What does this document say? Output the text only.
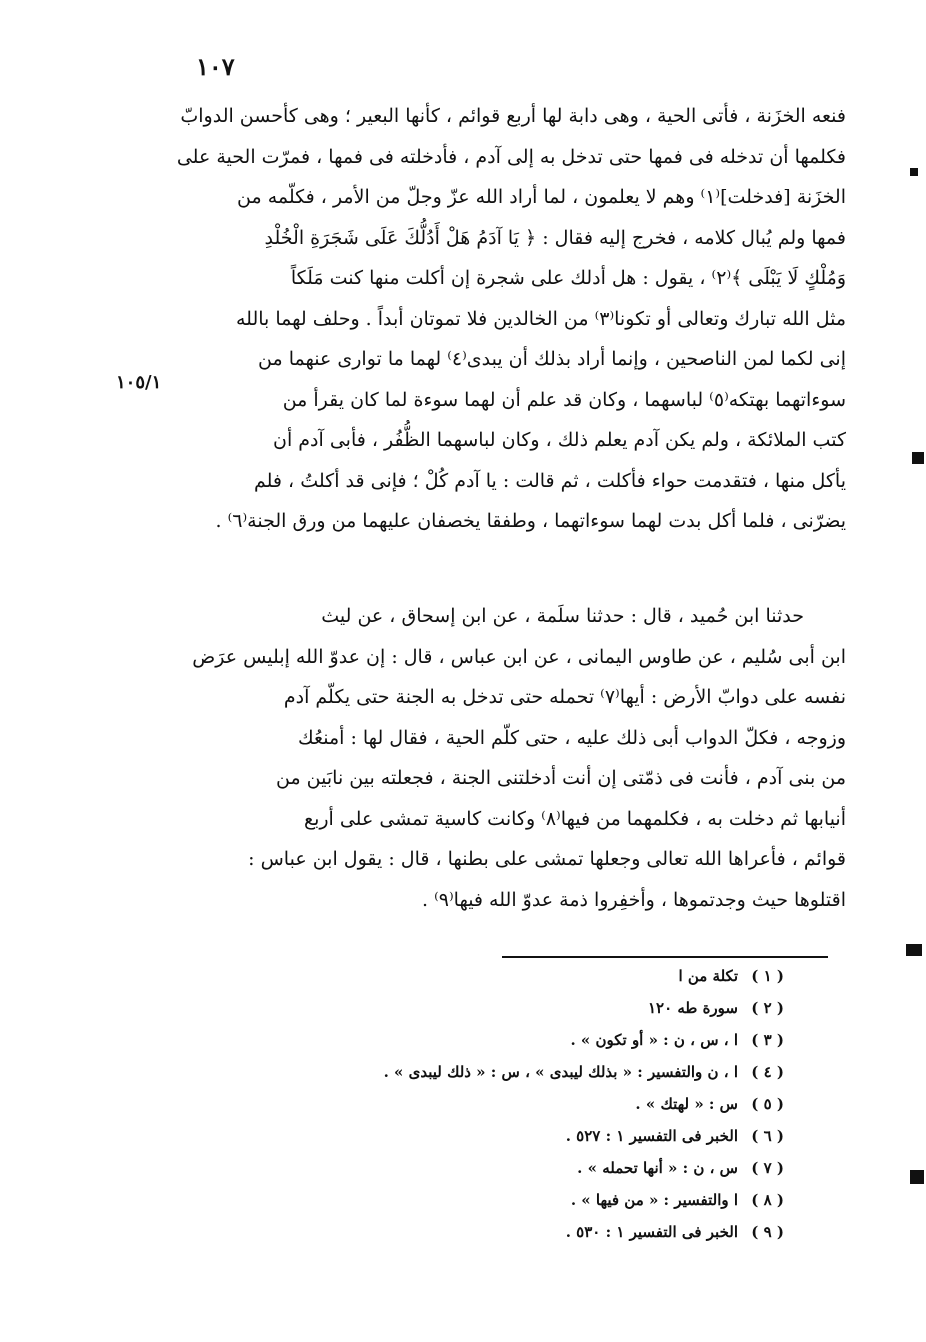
١٠٧
١٠٥/١
فنعه الخزَنة ، فأتى الحية ، وهى دابة لها أربع قوائم ، كأنها البعير ؛ وهى كأحسن الدوابّ
فكلمها أن تدخله فى فمها حتى تدخل به إلى آدم ، فأدخلته فى فمها ، فمرّت الحية على
الخزَنة [فدخلت]⁽١⁾ وهم لا يعلمون ، لما أراد الله عزّ وجلّ من الأمر ، فكلّمه من
فمها ولم يُبال كلامه ، فخرج إليه فقال : ﴿ يَا آدَمُ هَلْ أَدُلُّكَ عَلَى شَجَرَةِ الْخُلْدِ
وَمُلْكٍ لَا يَبْلَى ﴾⁽٢⁾ ، يقول : هل أدلك على شجرة إن أكلت منها كنت مَلَكاً
مثل الله تبارك وتعالى أو تكونا⁽٣⁾ من الخالدين فلا تموتان أبداً . وحلف لهما بالله
إنى لكما لمن الناصحين ، وإنما أراد بذلك أن يبدى⁽٤⁾ لهما ما توارى عنهما من
سوءاتهما بهتكه⁽٥⁾ لباسهما ، وكان قد علم أن لهما سوءة لما كان يقرأ من
كتب الملائكة ، ولم يكن آدم يعلم ذلك ، وكان لباسهما الظُّفُر ، فأبى آدم أن
يأكل منها ، فتقدمت حواء فأكلت ، ثم قالت : يا آدم كُلْ ؛ فإنى قد أكلتُ ، فلم
يضرّنى ، فلما أكل بدت لهما سوءاتهما ، وطفقا يخصفان عليهما من ورق الجنة⁽٦⁾ .
حدثنا ابن حُميد ، قال : حدثنا سلَمة ، عن ابن إسحاق ، عن ليث
ابن أبى سُليم ، عن طاوس اليمانى ، عن ابن عباس ، قال : إن عدوّ الله إبليس عرَض
نفسه على دوابّ الأرض : أيها⁽٧⁾ تحمله حتى تدخل به الجنة حتى يكلّم آدم
وزوجه ، فكلّ الدواب أبى ذلك عليه ، حتى كلّم الحية ، فقال لها : أمنعُك
من بنى آدم ، فأنت فى ذمّتى إن أنت أدخلتنى الجنة ، فجعلته بين نابَين من
أنيابها ثم دخلت به ، فكلمهما من فيها⁽٨⁾ وكانت كاسية تمشى على أربع
قوائم ، فأعراها الله تعالى وجعلها تمشى على بطنها ، قال : يقول ابن عباس :
اقتلوها حيث وجدتموها ، وأخفِروا ذمة عدوّ الله فيها⁽٩⁾ .
( ١ )تكلة من ا
( ٢ )سورة طه ١٢٠
( ٣ )ا ، س ، ن : « أو تكون » .
( ٤ )ا ، ن والتفسير : « بذلك ليبدى » ، س : « ذلك ليبدى » .
( ٥ )س : « لهتك » .
( ٦ )الخبر فى التفسير ١ : ٥٢٧ .
( ٧ )س ، ن : « أنها تحمله » .
( ٨ )ا والتفسير : « من فيها » .
( ٩ )الخبر فى التفسير ١ : ٥٣٠ .
